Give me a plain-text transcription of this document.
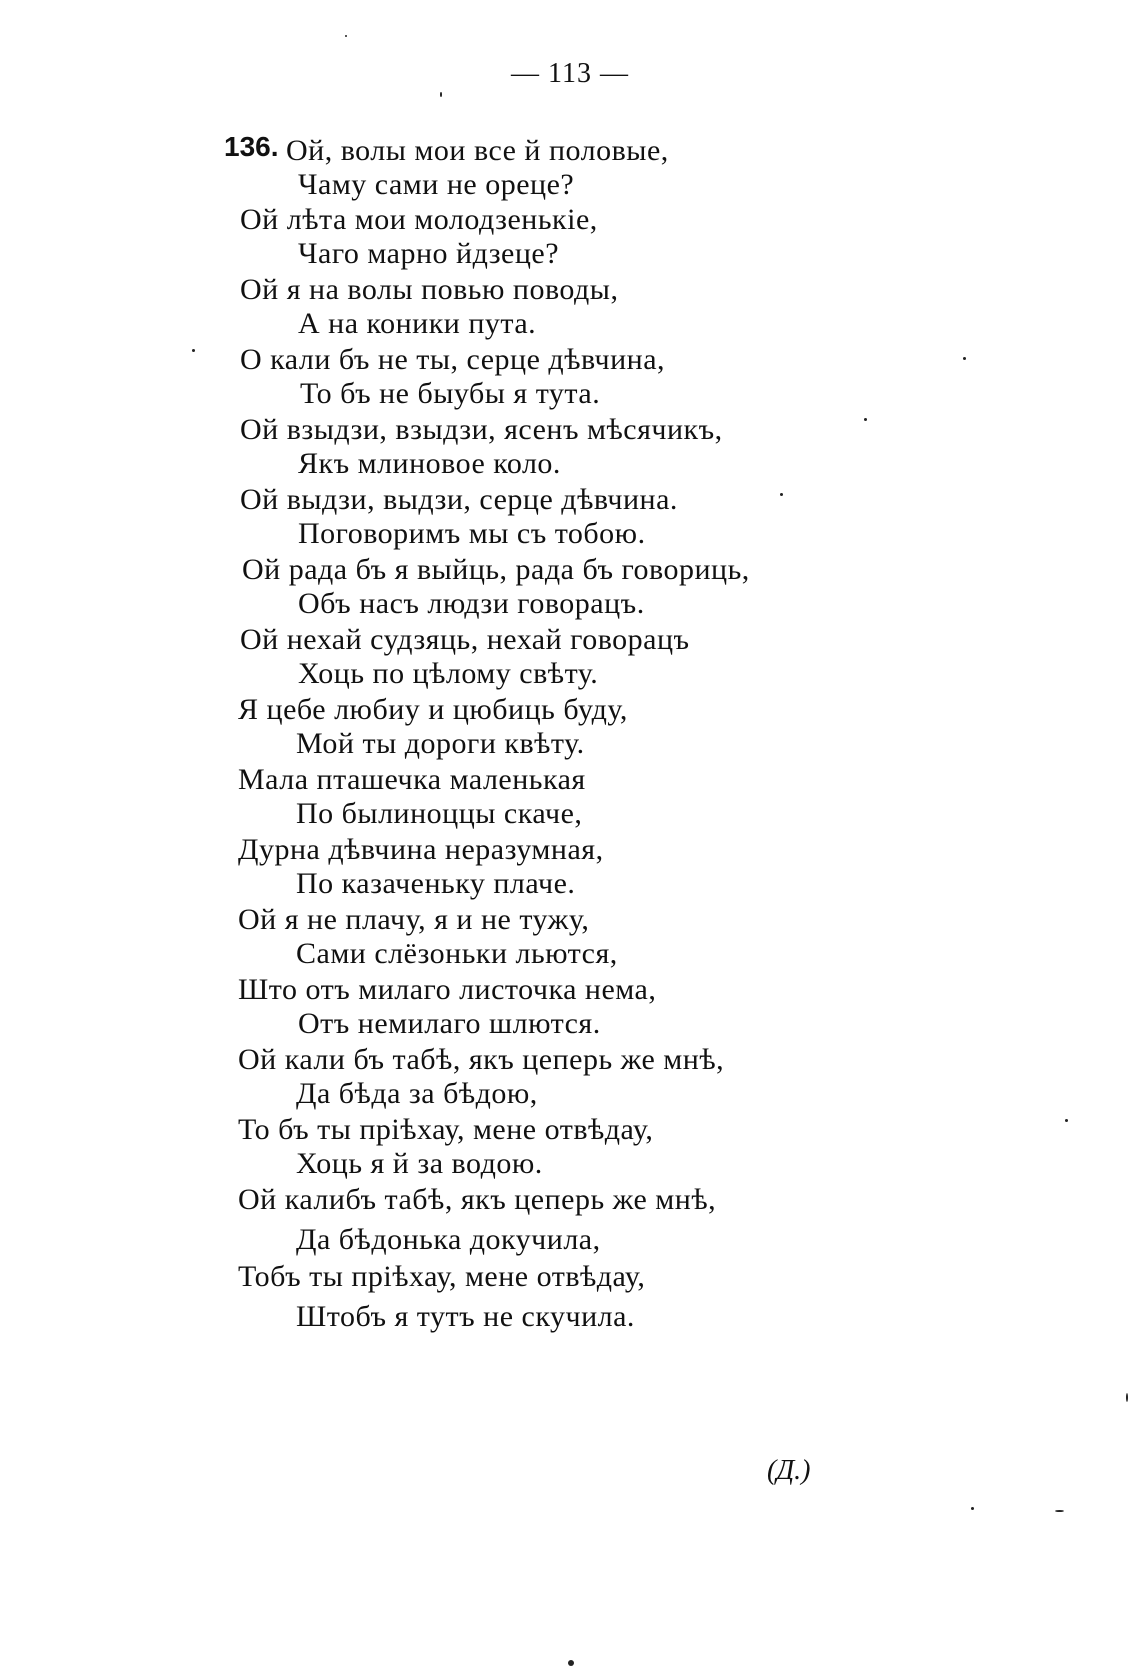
— 113 —
136. Ой, волы мои все й половые,
Чаму сами не ореце?
Ой лѣта мои молодзенькіе,
Чаго марно йдзеце?
Ой я на волы повью поводы,
А на коники пута.
О кали бъ не ты, серце дѣвчина,
То бъ не быубы я тута.
Ой взыдзи, взыдзи, ясенъ мѣсячикъ,
Якъ млиновое коло.
Ой выдзи, выдзи, серце дѣвчина.
Поговоримъ мы съ тобою.
Ой рада бъ я выйць, рада бъ говориць,
Объ насъ людзи говорацъ.
Ой нехай судзяць, нехай говорацъ
Хоць по цѣлому свѣту.
Я цебе любиу и цюбиць буду,
Мой ты дороги квѣту.
Мала пташечка маленькая
По былиноццы скаче,
Дурна дѣвчина неразумная,
По казаченьку плаче.
Ой я не плачу, я и не тужу,
Сами слёзоньки льются,
Што отъ милаго листочка нема,
Отъ немилаго шлются.
Ой кали бъ табѣ, якъ цеперь же мнѣ,
Да бѣда за бѣдою,
То бъ ты пріѣхау, мене отвѣдау,
Хоць я й за водою.
Ой калибъ табѣ, якъ цеперь же мнѣ,
Да бѣдонька докучила,
Тобъ ты пріѣхау, мене отвѣдау,
Штобъ я тутъ не скучила.
(Д.)
